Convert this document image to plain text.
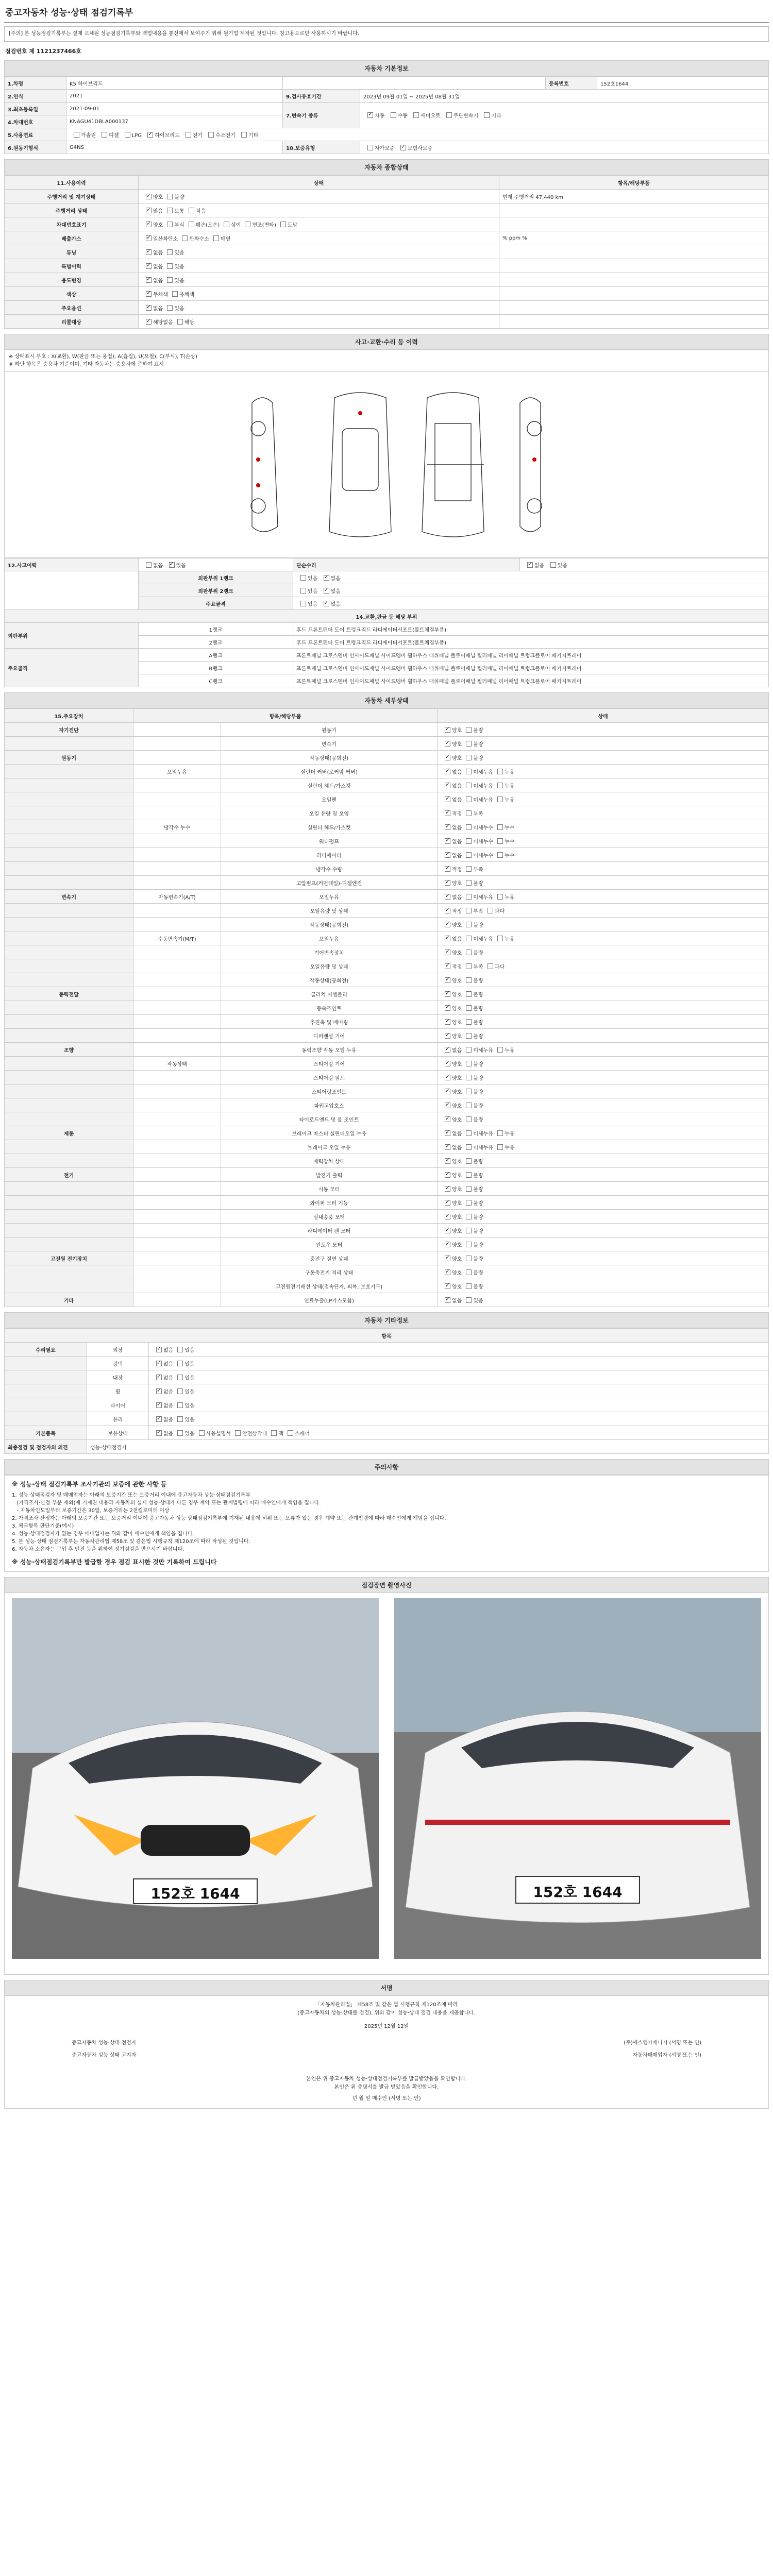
중고자동차 성능·상태 점검기록부
[주의] 본 성능점검기록부는 실제 교체된 성능점검기록부와 백업내용을 통신에서 보여주기 위해 원기업 제작된 것입니다. 참고용으로만 사용하시기 바랍니다.
점검번호 제 1121237466호
자동차 기본정보
1.차명	K5 하이브리드			등록번호	152호1644
2.연식	2021	9.검사유효기간	2023년 09월 01일 ~ 2025년 08월 31일		
3.최초등록일	2021-09-01	7.변속기 종류	✓자동 수동 세미오토 무단변속기 기타
4.차대번호	KNAGU41DBLA000137				
5.사용연료	가솔린 디젤 LPG ✓ 하이브리드 전기 수소전기 기타
6.원동기형식	G4NS	10.보증유형	자가보증 ✓ 보험사보증
자동차 종합상태
11.사용이력	상태	항목/해당부품
주행거리 및 계기상태	✓양호 불량	현재 주행거리 47,440 km
주행거리 상태	✓많음 보통 적음	
차대번호표기	✓양호 부식 훼손(오손) 상이 변조(변타) 도말	
배출가스	✓일산화탄소 탄화수소 매연	% ppm %
튜닝	✓없음 있음	
특별이력	✓없음 있음	
용도변경	✓없음 있음	
색상	✓무채색 유채색	
주요옵션	✓없음 있음	
리콜대상	✓해당없음 해당	
사고·교환·수리 등 이력
※ 상태표시 부호 : X(교환), W(판금 또는 용접), A(흠집), U(요철), C(부식), T(손상)
※ 하단 항목은 승용차 기준이며, 기타 자동차는 승용차에 준하여 표시
12.사고이력	없음 ✓ 있음	단순수리	✓없음 있음
	외판부위 1랭크	있음 ✓없음
	외판부위 2랭크	있음 ✓없음
	주요골격	있음 ✓없음
14.교환,판금 등 해당 부위			
외판부위	1랭크	후드 프론트펜더 도어 트렁크리드 라디에이터서포트(볼트체결부품)	
	2랭크	후드 프론트펜더 도어 트렁크리드 라디에이터서포트(볼트체결부품)	
주요골격	A랭크	프론트패널 크로스멤버 인사이드패널 사이드멤버 휠하우스 대쉬패널 플로어패널 필러패널 리어패널 트렁크플로어 패키지트레이	
	B랭크	프론트패널 크로스멤버 인사이드패널 사이드멤버 휠하우스 대쉬패널 플로어패널 필러패널 리어패널 트렁크플로어 패키지트레이	
	C랭크	프론트패널 크로스멤버 인사이드패널 사이드멤버 휠하우스 대쉬패널 플로어패널 필러패널 리어패널 트렁크플로어 패키지트레이	
자동차 세부상태
15.주요장치	항목/해당부품		상태
자기진단		원동기	✓양호 불량
		변속기	✓양호 불량
원동기		작동상태(공회전)	✓양호 불량
	오일누유	실린더 커버(로커암 커버)	✓없음 미세누유 누유
		실린더 헤드/가스켓	✓없음 미세누유 누유
		오일팬	✓없음 미세누유 누유
		오일 유량 및 오염	✓적정 부족
	냉각수 누수	실린더 헤드/가스켓	✓없음 미세누수 누수
		워터펌프	✓없음 미세누수 누수
		라디에이터	✓없음 미세누수 누수
		냉각수 수량	✓적정 부족
		고압펌프(커먼레일)-디젤엔진	✓양호 불량
변속기	자동변속기(A/T)	오일누유	✓없음 미세누유 누유
		오일유량 및 상태	✓적정 부족 과다
		작동상태(공회전)	✓양호 불량
	수동변속기(M/T)	오일누유	✓없음 미세누유 누유
		기어변속장치	✓양호 불량
		오일유량 및 상태	✓적정 부족 과다
		작동상태(공회전)	✓양호 불량
동력전달		클러치 어셈블리	✓양호 불량
		등속조인트	✓양호 불량
		추진축 및 베어링	✓양호 불량
		디퍼렌셜 기어	✓양호 불량
조향		동력조향 작동 오일 누유	✓없음 미세누유 누유
	작동상태	스티어링 기어	✓양호 불량
		스티어링 펌프	✓양호 불량
		스티어링조인트	✓양호 불량
		파워고압호스	✓양호 불량
		타이로드엔드 및 볼 조인트	✓양호 불량
제동		브레이크 마스터 실린더오일 누유	✓없음 미세누유 누유
		브레이크 오일 누유	✓없음 미세누유 누유
		배력장치 상태	✓양호 불량
전기		발전기 출력	✓양호 불량
		시동 모터	✓양호 불량
		와이퍼 모터 기능	✓양호 불량
		실내송풍 모터	✓양호 불량
		라디에이터 팬 모터	✓양호 불량
		윈도우 모터	✓양호 불량
고전원 전기장치		충전구 절연 상태	✓양호 불량
		구동축전지 격리 상태	✓양호 불량
		고전원전기배선 상태(접속단자, 피복, 보호기구)	✓양호 불량
기타		연료누출(LP가스포함)	✓없음 있음
자동차 기타정보
항목		
수리필요	외장	✓없음 있음
	광택	✓없음 있음
	내장	✓없음 있음
	휠	✓없음 있음
	타이어	✓없음 있음
	유리	✓없음 있음
기본품목	보유상태	✓없음 있음 사용설명서 안전삼각대 잭 스패너
최종점검 및 점검자의 의견	성능·상태점검자	
주의사항
※ 성능·상태 점검기록부 조사기관의 보증에 관한 사항 등
1. 성능·상태점검자 및 매매업자는 아래의 보증기간 또는 보증거리 이내에 중고자동차 성능·상태점검기록부
(가격조사·산정 부분 제외)에 기재된 내용과 자동차의 실제 성능·상태가 다른 경우 계약 또는 관계법령에 따라 매수인에게 책임을 집니다.
- 자동차인도일부터 보증기간은 30일, 보증거리는 2천킬로미터 이상
2. 가격조사·산정자는 아래의 보증기간 또는 보증거리 이내에 중고자동차 성능·상태점검기록부에 기재된 내용에 허위 또는 오류가 있는 경우 계약 또는 관계법령에 따라 매수인에게 책임을 집니다.
3. 체크항목 판단기준(예시)
4. 성능·상태점검자가 없는 경우 매매업자는 위와 같이 매수인에게 책임을 집니다.
5. 본 성능·상태 점검기록부는 자동차관리법 제58조 및 같은법 시행규칙 제120조에 따라 작성된 것입니다.
6. 자동차 소유자는 구입 후 안전 등을 위하여 정기점검을 받으시기 바랍니다.
※ 성능·상태점검기록부만 발급할 경우 점검 표시한 것만 기록하여 드립니다
점검장면 촬영사진
152호 1644	152호 1644
서명
「자동차관리법」 제58조 및 같은 법 시행규칙 제120조에 따라
(중고자동차의 성능·상태를 점검), 위와 같이 성능·상태 점검 내용을 제공합니다.
2025년 12월 12일
중고자동차 성능·상태 점검자	(주)에스엠카매니저 (서명 또는 인)
중고자동차 성능·상태 고지자	자동차매매업자 (서명 또는 인)
본인은 위 중고자동차 성능·상태점검기록부를 발급받았음을 확인합니다.
본인은 위 증명서를 발급 받았음을 확인합니다.
년 월 일 매수인 (서명 또는 인)
